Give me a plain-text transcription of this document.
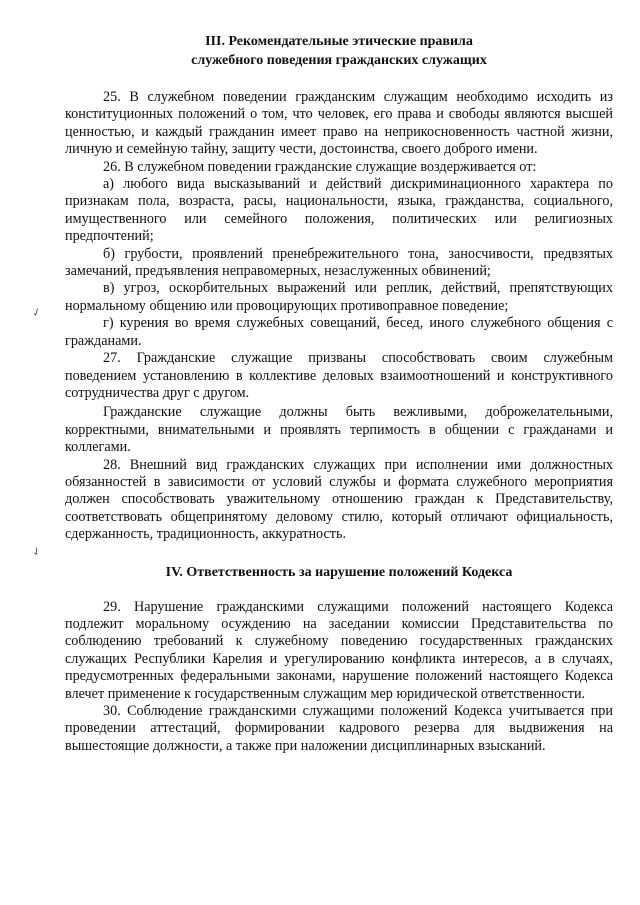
✓
✓
III. Рекомендательные этические правила
служебного поведения гражданских служащих

25. В служебном поведении гражданским служащим необходимо исходить из конституционных положений о том, что человек, его права и свободы являются высшей ценностью, и каждый гражданин имеет право на неприкосновенность частной жизни, личную и семейную тайну, защиту чести, достоинства, своего доброго имени.

26. В служебном поведении гражданские служащие воздерживается от:

а) любого вида высказываний и действий дискриминационного характера по признакам пола, возраста, расы, национальности, языка, гражданства, социального, имущественного или семейного положения, политических или религиозных предпочтений;

б) грубости, проявлений пренебрежительного тона, заносчивости, предвзятых замечаний, предъявления неправомерных, незаслуженных обвинений;

в) угроз, оскорбительных выражений или реплик, действий, препятствующих нормальному общению или провоцирующих противоправное поведение;

г) курения во время служебных совещаний, бесед, иного служебного общения с гражданами.

27. Гражданские служащие призваны способствовать своим служебным поведением установлению в коллективе деловых взаимоотношений и конструктивного сотрудничества друг с другом.

Гражданские служащие должны быть вежливыми, доброжелательными, корректными, внимательными и проявлять терпимость в общении с гражданами и коллегами.

28. Внешний вид гражданских служащих при исполнении ими должностных обязанностей в зависимости от условий службы и формата служебного мероприятия должен способствовать уважительному отношению граждан к Представительству, соответствовать общепринятому деловому стилю, который отличают официальность, сдержанность, традиционность, аккуратность.

IV. Ответственность за нарушение положений Кодекса

29. Нарушение гражданскими служащими положений настоящего Кодекса подлежит моральному осуждению на заседании комиссии Представительства по соблюдению требований к служебному поведению государственных гражданских служащих Республики Карелия и урегулированию конфликта интересов, а в случаях, предусмотренных федеральными законами, нарушение положений настоящего Кодекса влечет применение к государственным служащим мер юридической ответственности.

30. Соблюдение гражданскими служащими положений Кодекса учитывается при проведении аттестаций, формировании кадрового резерва для выдвижения на вышестоящие должности, а также при наложении дисциплинарных взысканий.
